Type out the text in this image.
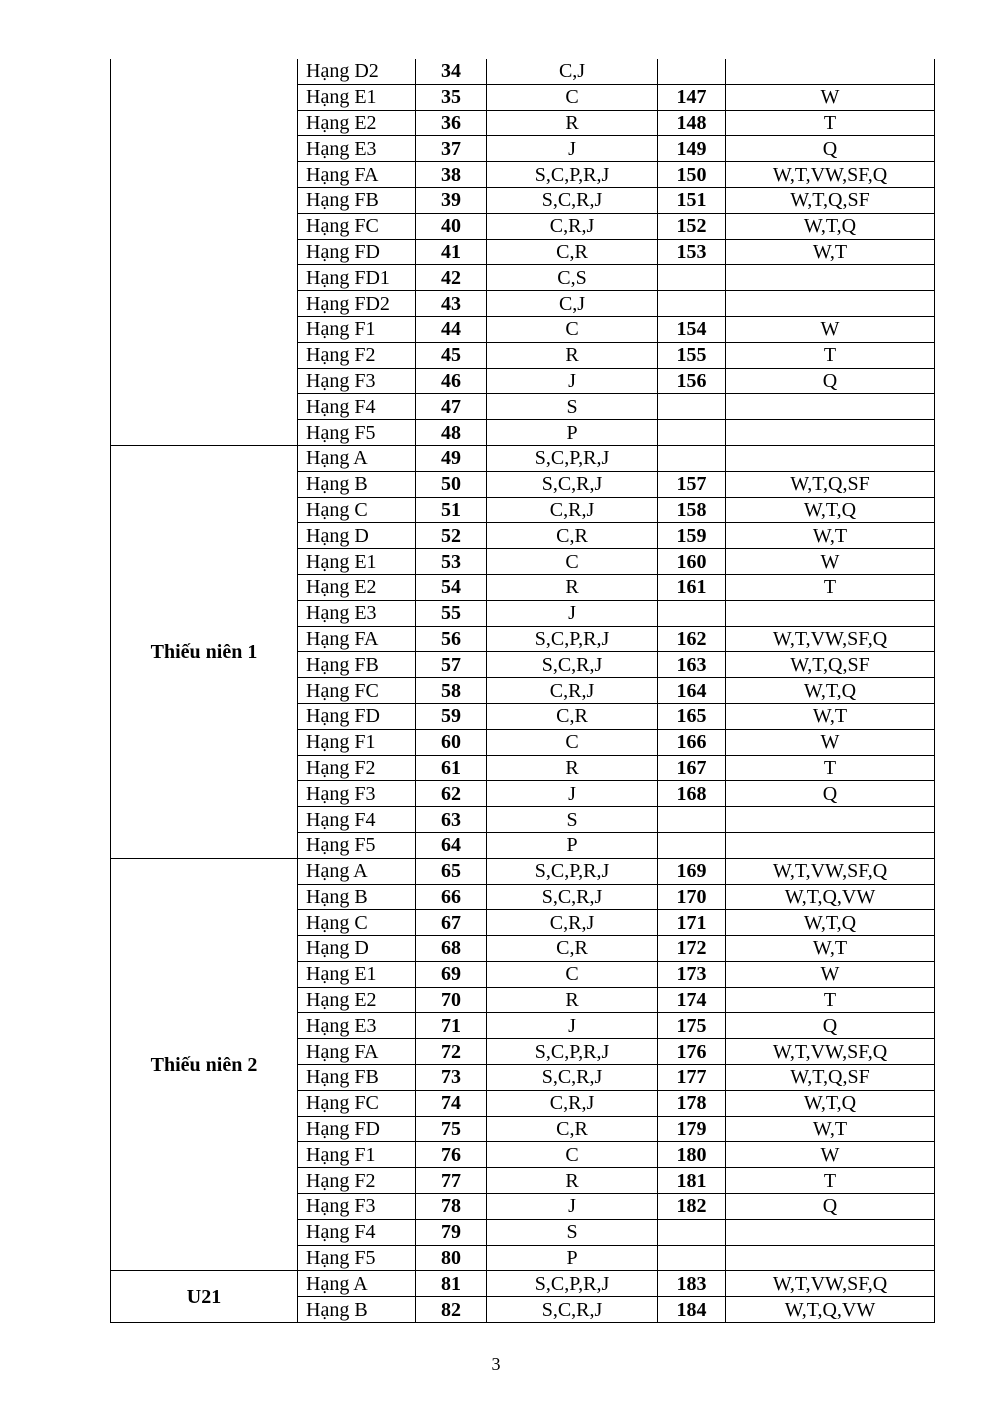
	Hạng D2	34	C,J		
	Hạng E1	35	C	147	W
	Hạng E2	36	R	148	T
	Hạng E3	37	J	149	Q
	Hạng FA	38	S,C,P,R,J	150	W,T,VW,SF,Q
	Hạng FB	39	S,C,R,J	151	W,T,Q,SF
	Hạng FC	40	C,R,J	152	W,T,Q
	Hạng FD	41	C,R	153	W,T
	Hạng FD1	42	C,S		
	Hạng FD2	43	C,J		
	Hạng F1	44	C	154	W
	Hạng F2	45	R	155	T
	Hạng F3	46	J	156	Q
	Hạng F4	47	S		
	Hạng F5	48	P		
Thiếu niên 1	Hạng A	49	S,C,P,R,J		
	Hạng B	50	S,C,R,J	157	W,T,Q,SF
	Hạng C	51	C,R,J	158	W,T,Q
	Hạng D	52	C,R	159	W,T
	Hạng E1	53	C	160	W
	Hạng E2	54	R	161	T
	Hạng E3	55	J		
	Hạng FA	56	S,C,P,R,J	162	W,T,VW,SF,Q
	Hạng FB	57	S,C,R,J	163	W,T,Q,SF
	Hạng FC	58	C,R,J	164	W,T,Q
	Hạng FD	59	C,R	165	W,T
	Hạng F1	60	C	166	W
	Hạng F2	61	R	167	T
	Hạng F3	62	J	168	Q
	Hạng F4	63	S		
	Hạng F5	64	P		
Thiếu niên 2	Hạng A	65	S,C,P,R,J	169	W,T,VW,SF,Q
	Hạng B	66	S,C,R,J	170	W,T,Q,VW
	Hạng C	67	C,R,J	171	W,T,Q
	Hạng D	68	C,R	172	W,T
	Hạng E1	69	C	173	W
	Hạng E2	70	R	174	T
	Hạng E3	71	J	175	Q
	Hạng FA	72	S,C,P,R,J	176	W,T,VW,SF,Q
	Hạng FB	73	S,C,R,J	177	W,T,Q,SF
	Hạng FC	74	C,R,J	178	W,T,Q
	Hạng FD	75	C,R	179	W,T
	Hạng F1	76	C	180	W
	Hạng F2	77	R	181	T
	Hạng F3	78	J	182	Q
	Hạng F4	79	S		
	Hạng F5	80	P		
U21	Hạng A	81	S,C,P,R,J	183	W,T,VW,SF,Q
	Hạng B	82	S,C,R,J	184	W,T,Q,VW
3
